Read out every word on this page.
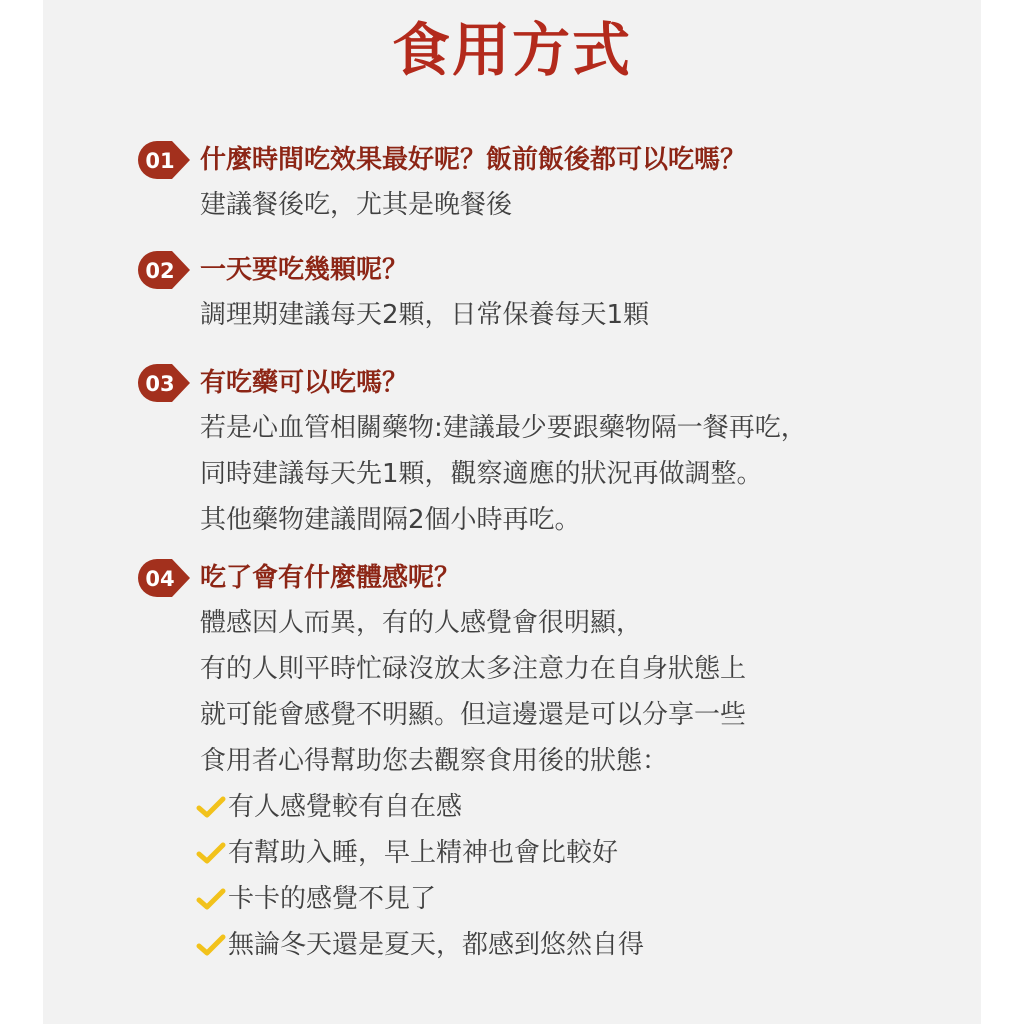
食用方式
01 什麼時間吃效果最好呢？飯前飯後都可以吃嗎？
建議餐後吃，尤其是晚餐後
02 一天要吃幾顆呢？
調理期建議每天2顆，日常保養每天1顆
03 有吃藥可以吃嗎？
若是心血管相關藥物:建議最少要跟藥物隔一餐再吃，
同時建議每天先1顆，觀察適應的狀況再做調整。
其他藥物建議間隔2個小時再吃。
04 吃了會有什麼體感呢？
體感因人而異，有的人感覺會很明顯，
有的人則平時忙碌沒放太多注意力在自身狀態上
就可能會感覺不明顯。但這邊還是可以分享一些
食用者心得幫助您去觀察食用後的狀態：
有人感覺較有自在感
有幫助入睡，早上精神也會比較好
卡卡的感覺不見了
無論冬天還是夏天，都感到悠然自得
